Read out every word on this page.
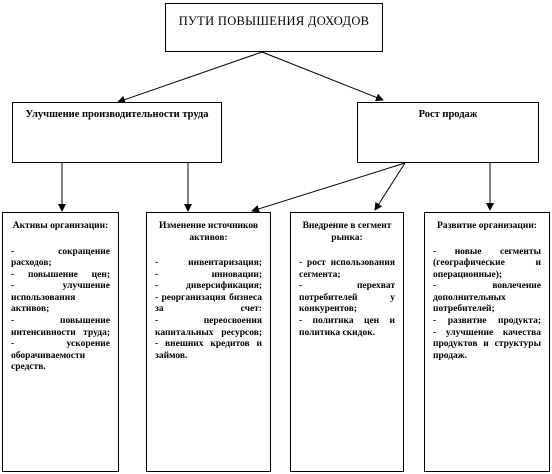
ПУТИ ПОВЫШЕНИЯ ДОХОДОВ
Улучшение производительности труда	Рост продаж
Активы организации:
- сокращение расходов;
- повышение цен;
- улучшение использования активов;
- повышение интенсивности труда;
- ускорение оборачиваемости средств.
Изменение источников активов:
- инвентаризация;
- инновации;
- диверсификация;
- реорганизация бизнеса за счет:
- переосвоения капитальных ресурсов;
- внешних кредитов и займов.
Внедрение в сегмент рынка:
- рост использования сегмента;
- перехват потребителей у конкурентов;
- политика цен и политика скидок.
Развитие организации:
- новые сегменты (географические и операционные);
- вовлечение дополнительных потребителей;
- развитие продукта;
- улучшение качества продуктов и структуры продаж.
